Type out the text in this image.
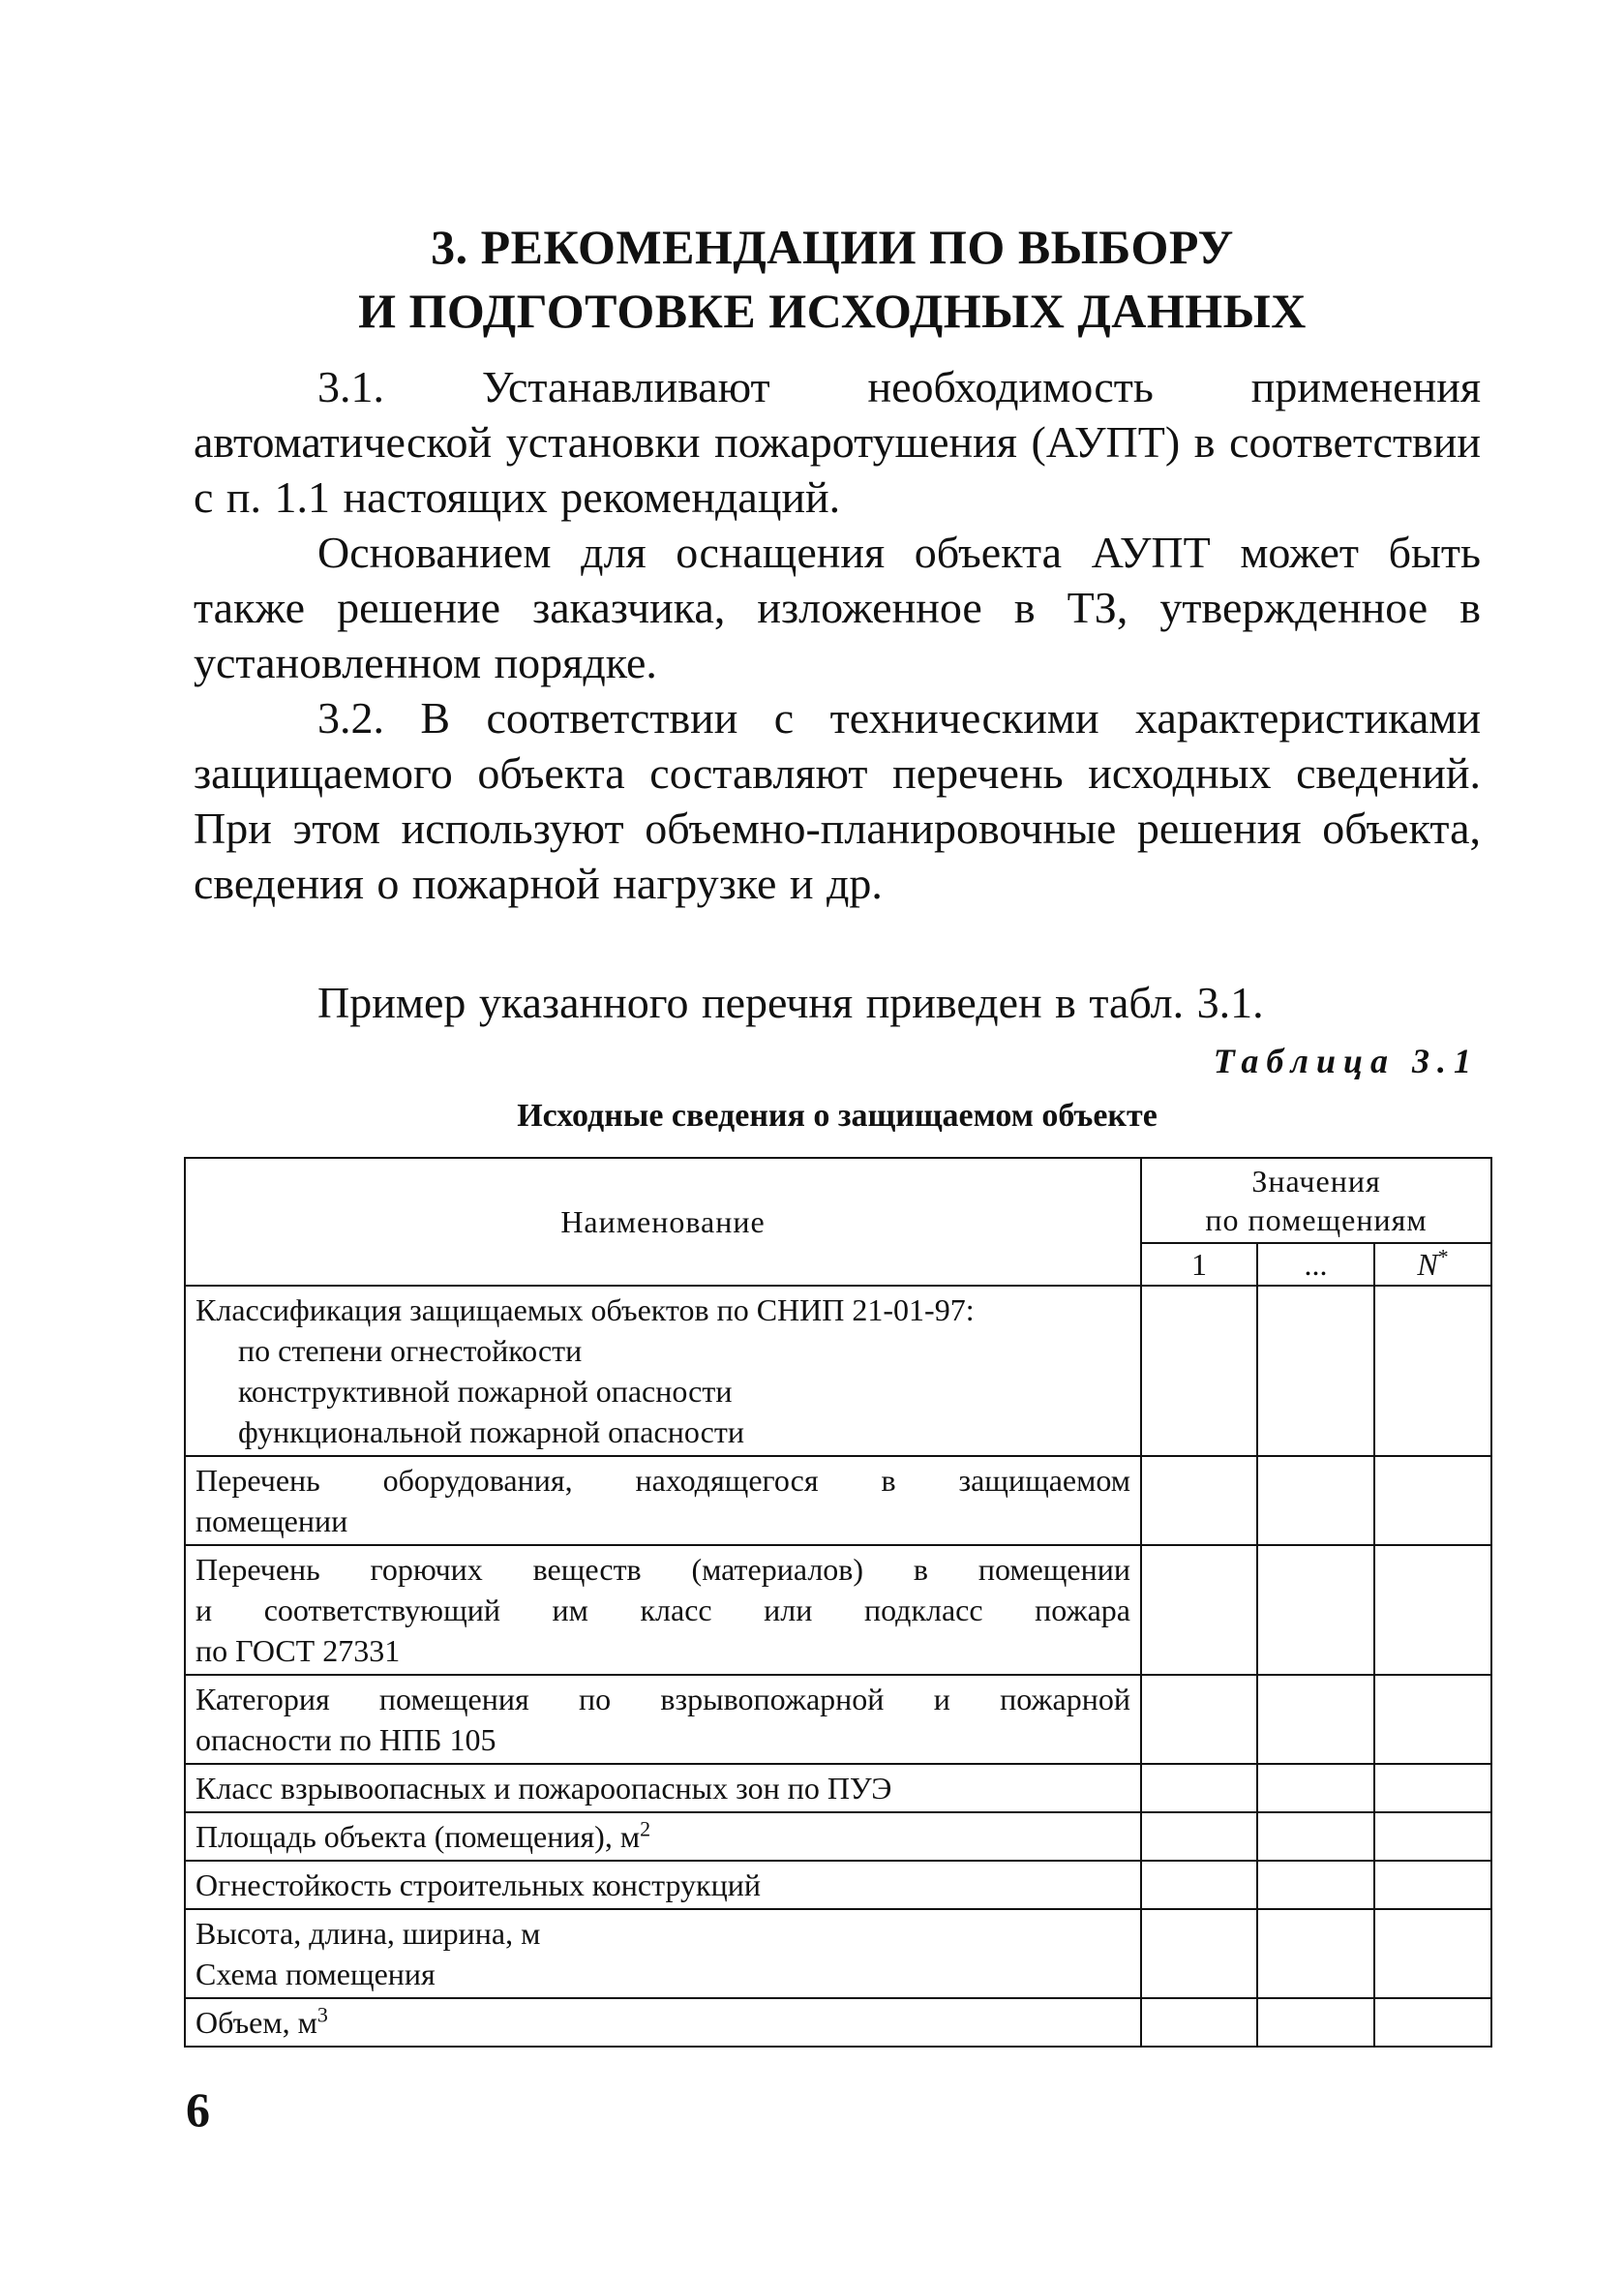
3. РЕКОМЕНДАЦИИ ПО ВЫБОРУ
И ПОДГОТОВКЕ ИСХОДНЫХ ДАННЫХ
3.1. Устанавливают необходимость применения автоматической установки пожаротушения (АУПТ) в соответствии с п. 1.1 настоящих рекомендаций.
Основанием для оснащения объекта АУПТ может быть также решение заказчика, изложенное в ТЗ, утвержденное в установленном порядке.
3.2. В соответствии с техническими характеристиками защищаемого объекта составляют перечень исходных сведений. При этом используют объемно-планировочные решения объекта, сведения о пожарной нагрузке и др.
Пример указанного перечня приведен в табл. 3.1.
Таблица 3.1
Исходные сведения о защищаемом объекте
Наименование	Значения
по помещениям		

	1	...	N*

Классификация защищаемых объектов по СНИП 21-01-97:
по степени огнестойкости
конструктивной пожарной опасности
функциональной пожарной опасности			

Перечень оборудования, находящегося в защищаемом
помещении			

Перечень горючих веществ (материалов) в помещении
и соответствующий им класс или подкласс пожара
по ГОСТ 27331			

Категория помещения по взрывопожарной и пожарной
опасности по НПБ 105			

Класс взрывоопасных и пожароопасных зон по ПУЭ			

Площадь объекта (помещения), $м^2$

Огнестойкость строительных конструкций			

Высота, длина, ширина, м
Схема помещения			

Объем, $м^3$

6
